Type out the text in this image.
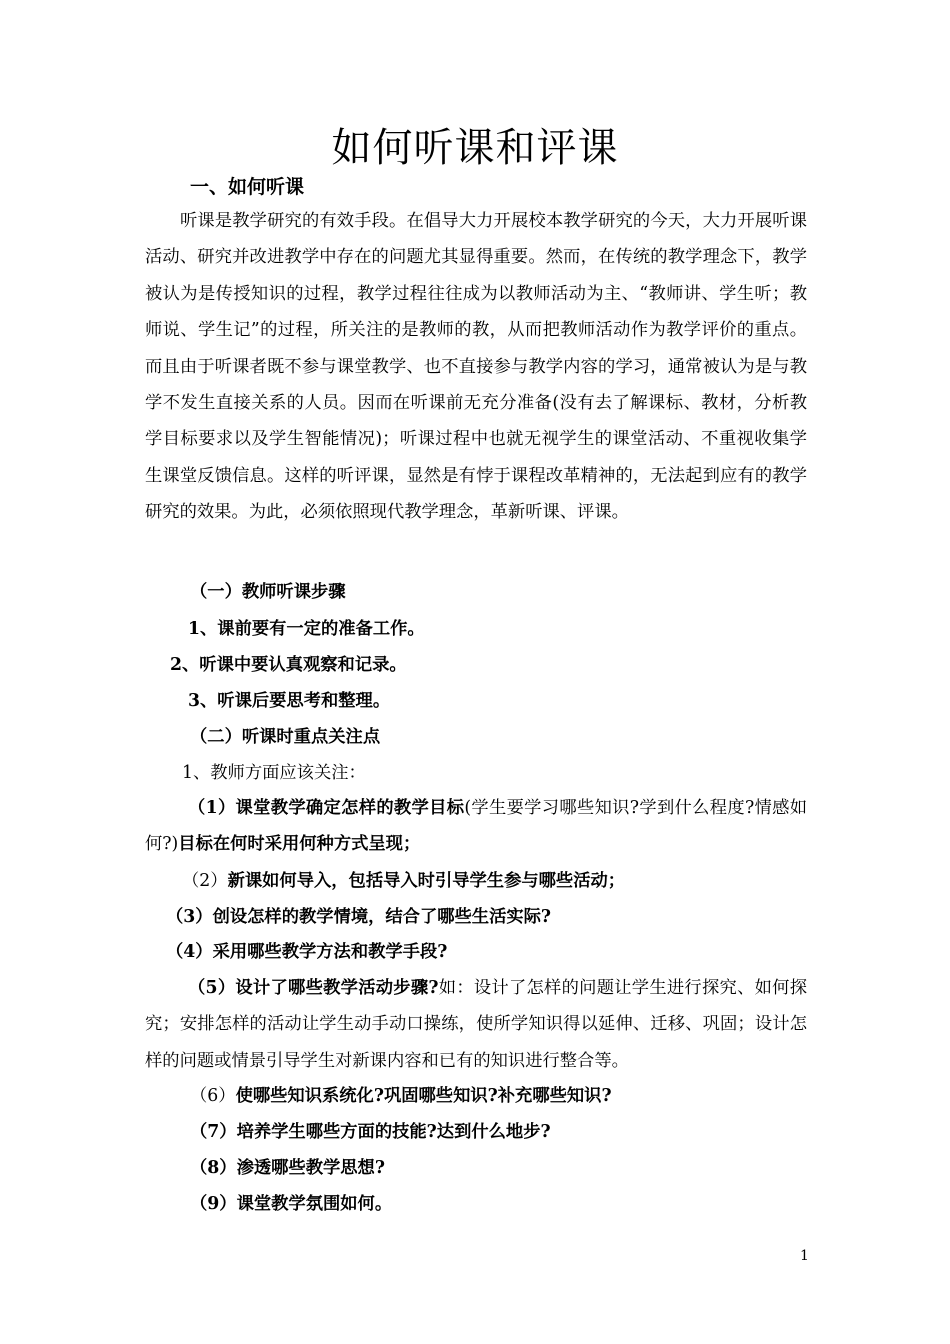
如何听课和评课
一、如何听课
听课是教学研究的有效手段。在倡导大力开展校本教学研究的今天，大力开展听课活动、研究并改进教学中存在的问题尤其显得重要。然而，在传统的教学理念下，教学被认为是传授知识的过程，教学过程往往成为以教师活动为主、“教师讲、学生听；教师说、学生记”的过程，所关注的是教师的教，从而把教师活动作为教学评价的重点。而且由于听课者既不参与课堂教学、也不直接参与教学内容的学习，通常被认为是与教学不发生直接关系的人员。因而在听课前无充分准备(没有去了解课标、教材，分析教学目标要求以及学生智能情况)；听课过程中也就无视学生的课堂活动、不重视收集学生课堂反馈信息。这样的听评课，显然是有悖于课程改革精神的，无法起到应有的教学研究的效果。为此，必须依照现代教学理念，革新听课、评课。
（一）教师听课步骤
1、课前要有一定的准备工作。
2、听课中要认真观察和记录。
3、听课后要思考和整理。
（二）听课时重点关注点
1、教师方面应该关注：
（1）课堂教学确定怎样的教学目标(学生要学习哪些知识?学到什么程度?情感如何?)目标在何时采用何种方式呈现；
（2）新课如何导入，包括导入时引导学生参与哪些活动；
（3）创设怎样的教学情境，结合了哪些生活实际?
（4）采用哪些教学方法和教学手段?
（5）设计了哪些教学活动步骤?如：设计了怎样的问题让学生进行探究、如何探究；安排怎样的活动让学生动手动口操练，使所学知识得以延伸、迁移、巩固；设计怎样的问题或情景引导学生对新课内容和已有的知识进行整合等。
（6）使哪些知识系统化?巩固哪些知识?补充哪些知识?
（7）培养学生哪些方面的技能?达到什么地步?
（8）渗透哪些教学思想?
（9）课堂教学氛围如何。
1
